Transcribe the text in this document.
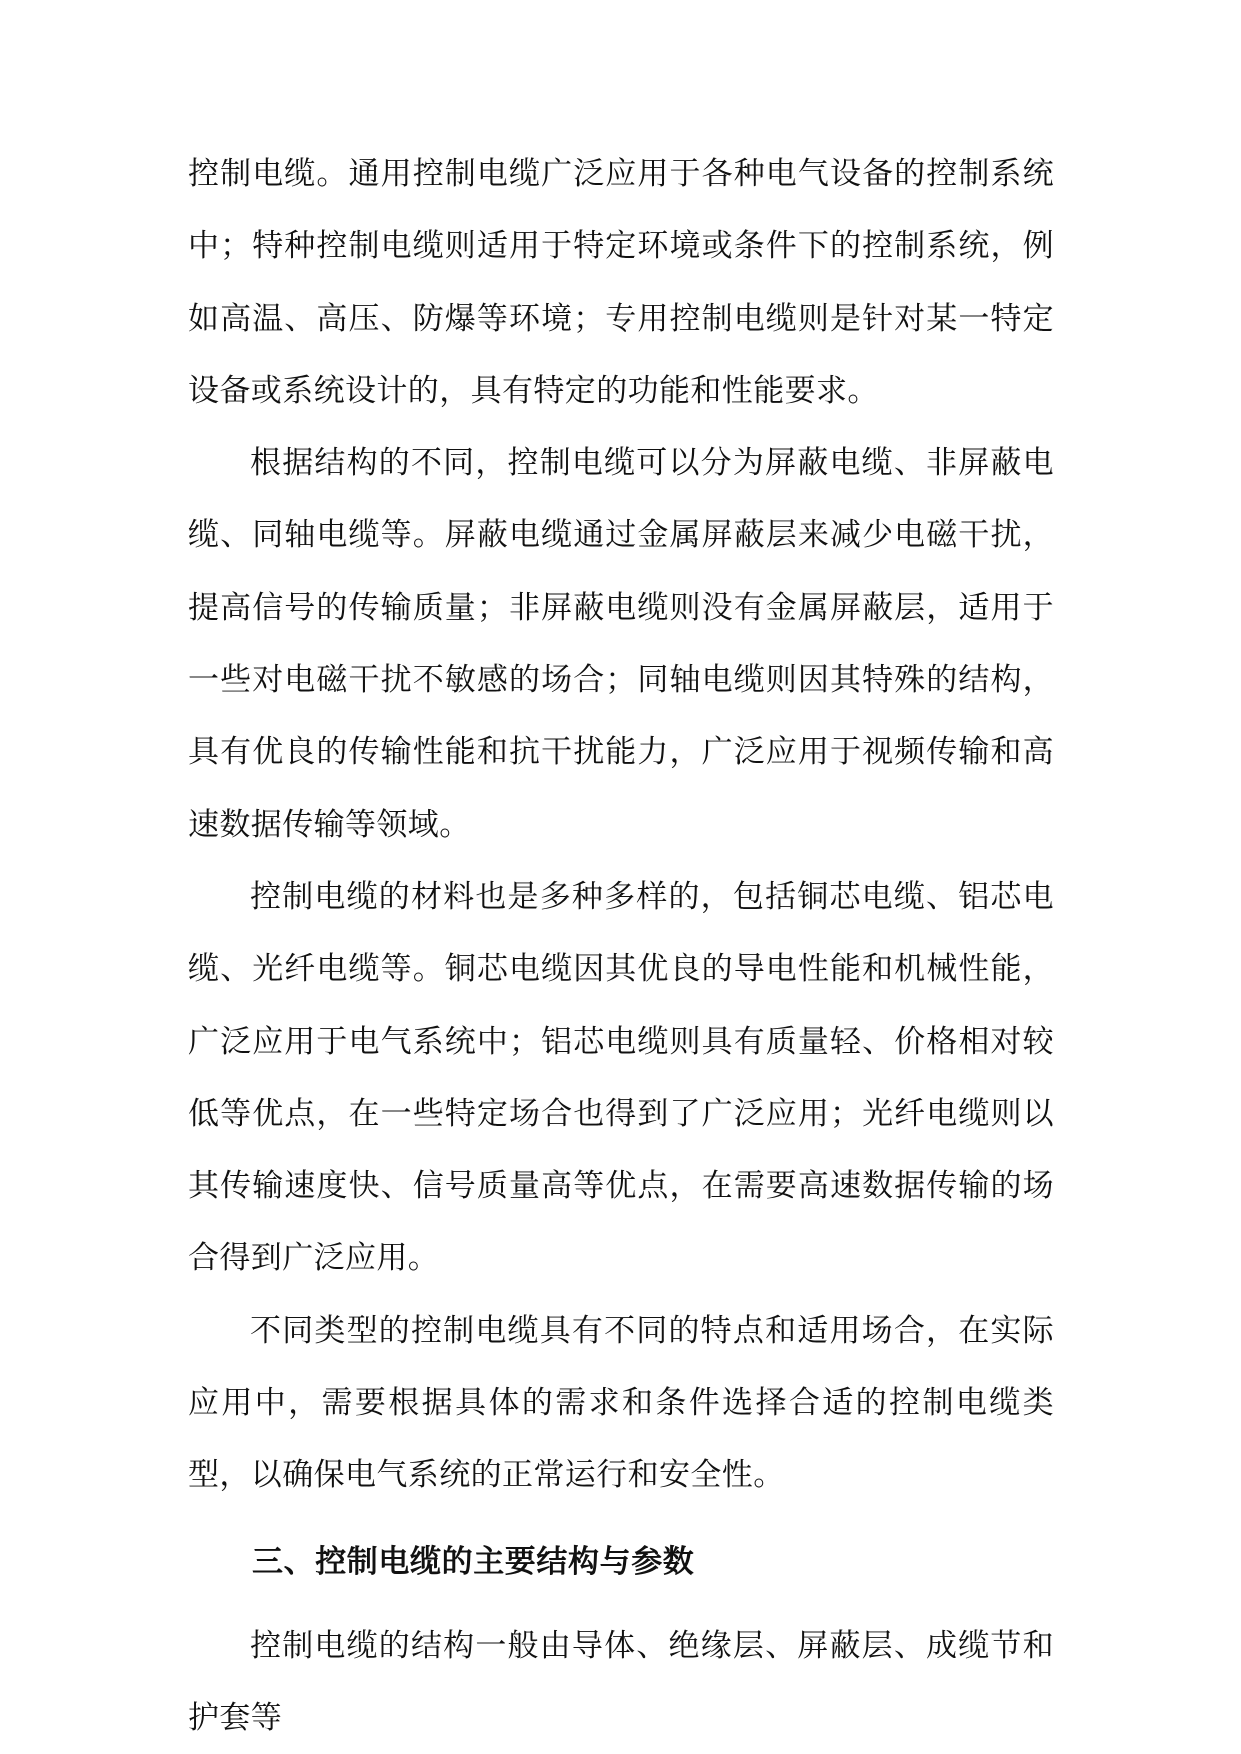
控制电缆。通用控制电缆广泛应用于各种电气设备的控制系统中；特种控制电缆则适用于特定环境或条件下的控制系统，例如高温、高压、防爆等环境；专用控制电缆则是针对某一特定设备或系统设计的，具有特定的功能和性能要求。

根据结构的不同，控制电缆可以分为屏蔽电缆、非屏蔽电缆、同轴电缆等。屏蔽电缆通过金属屏蔽层来减少电磁干扰，提高信号的传输质量；非屏蔽电缆则没有金属屏蔽层，适用于一些对电磁干扰不敏感的场合；同轴电缆则因其特殊的结构，具有优良的传输性能和抗干扰能力，广泛应用于视频传输和高速数据传输等领域。

控制电缆的材料也是多种多样的，包括铜芯电缆、铝芯电缆、光纤电缆等。铜芯电缆因其优良的导电性能和机械性能，广泛应用于电气系统中；铝芯电缆则具有质量轻、价格相对较低等优点，在一些特定场合也得到了广泛应用；光纤电缆则以其传输速度快、信号质量高等优点，在需要高速数据传输的场合得到广泛应用。

不同类型的控制电缆具有不同的特点和适用场合，在实际应用中，需要根据具体的需求和条件选择合适的控制电缆类型，以确保电气系统的正常运行和安全性。

三、控制电缆的主要结构与参数

控制电缆的结构一般由导体、绝缘层、屏蔽层、成缆节和护套等
